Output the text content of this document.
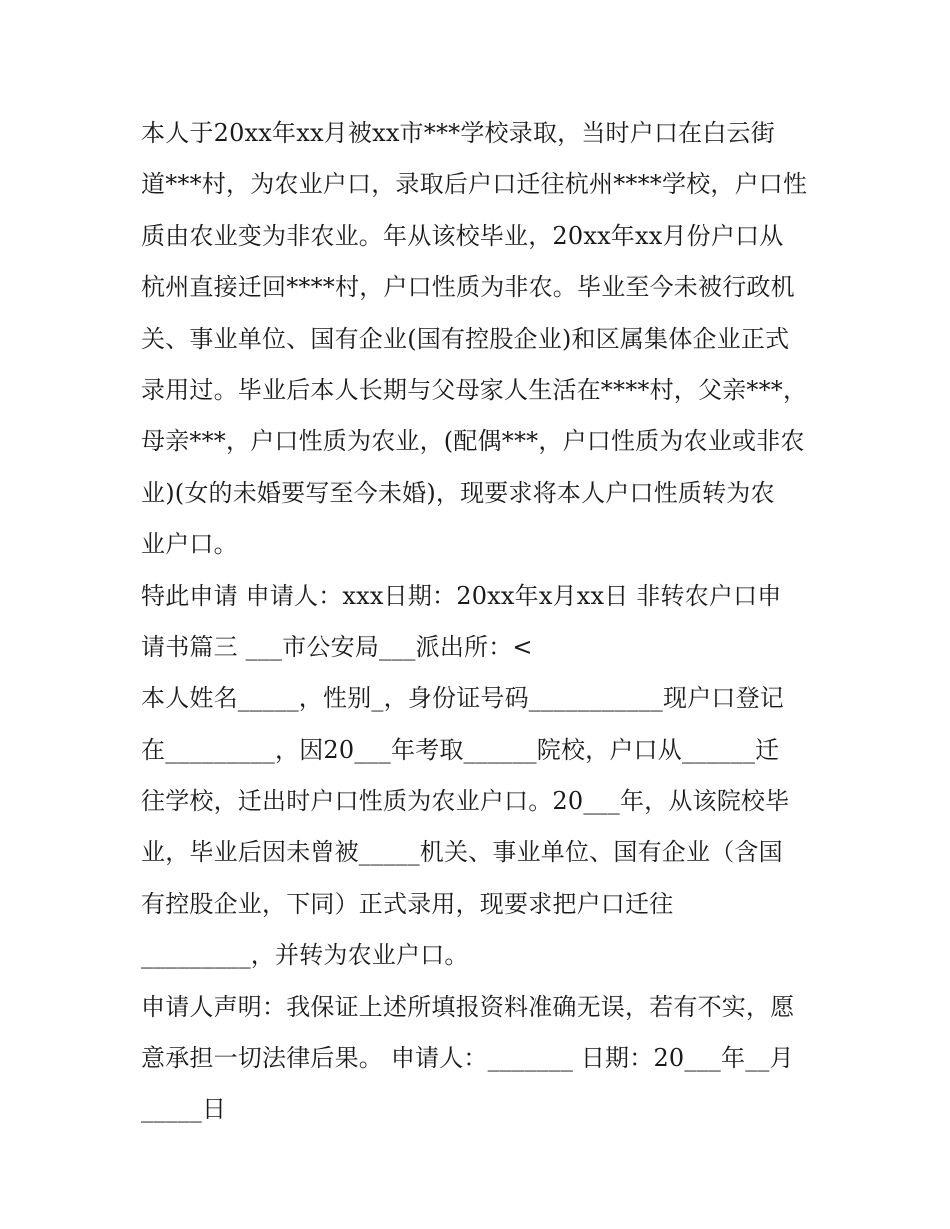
本人于20xx年xx月被xx市***学校录取，当时户口在白云街
道***村，为农业户口，录取后户口迁往杭州****学校，户口性
质由农业变为非农业。年从该校毕业，20xx年xx月份户口从
杭州直接迁回****村，户口性质为非农。毕业至今未被行政机
关、事业单位、国有企业(国有控股企业)和区属集体企业正式
录用过。毕业后本人长期与父母家人生活在****村，父亲***，
母亲***，户口性质为农业，(配偶***，户口性质为农业或非农
业)(女的未婚要写至今未婚)，现要求将本人户口性质转为农
业户口。
特此申请 申请人：xxx日期：20xx年x月xx日 非转农户口申
请书篇三 ___市公安局___派出所：<
本人姓名_____，性别_，身份证号码___________现户口登记
在_________，因20___年考取______院校，户口从______迁
往学校，迁出时户口性质为农业户口。20___年，从该院校毕
业，毕业后因未曾被_____机关、事业单位、国有企业（含国
有控股企业，下同）正式录用，现要求把户口迁往
_________，并转为农业户口。
申请人声明：我保证上述所填报资料准确无误，若有不实，愿
意承担一切法律后果。 申请人：_______ 日期：20___年__月
_____日
